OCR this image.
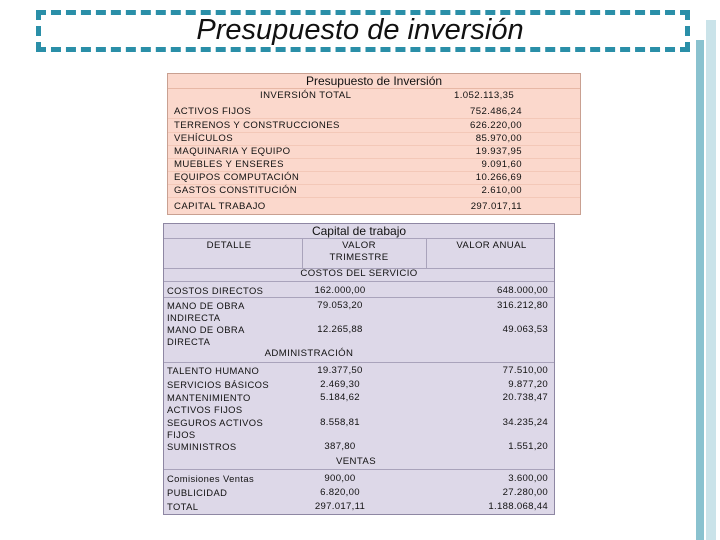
Presupuesto de inversión
Presupuesto de Inversión
INVERSIÓN TOTAL	1.052.113,35
ACTIVOS FIJOS	752.486,24
TERRENOS Y CONSTRUCCIONES	626.220,00
VEHÍCULOS	85.970,00
MAQUINARIA Y EQUIPO	19.937,95
MUEBLES Y ENSERES	9.091,60
EQUIPOS COMPUTACIÓN	10.266,69
GASTOS CONSTITUCIÓN	2.610,00
CAPITAL TRABAJO	297.017,11
Capital de trabajo
DETALLE	VALOR
TRIMESTRE
VALOR ANUAL
COSTOS DEL SERVICIO
COSTOS DIRECTOS	162.000,00	648.000,00
MANO DE OBRA
INDIRECTA
79.053,20	316.212,80
MANO DE OBRA
DIRECTA
12.265,88	49.063,53
ADMINISTRACIÓN
TALENTO HUMANO	19.377,50	77.510,00
SERVICIOS BÁSICOS	2.469,30	9.877,20
MANTENIMIENTO
ACTIVOS FIJOS
5.184,62	20.738,47
SEGUROS ACTIVOS
FIJOS
8.558,81	34.235,24
SUMINISTROS	387,80	1.551,20
VENTAS
Comisiones Ventas	900,00	3.600,00
PUBLICIDAD	6.820,00	27.280,00
TOTAL	297.017,11	1.188.068,44
